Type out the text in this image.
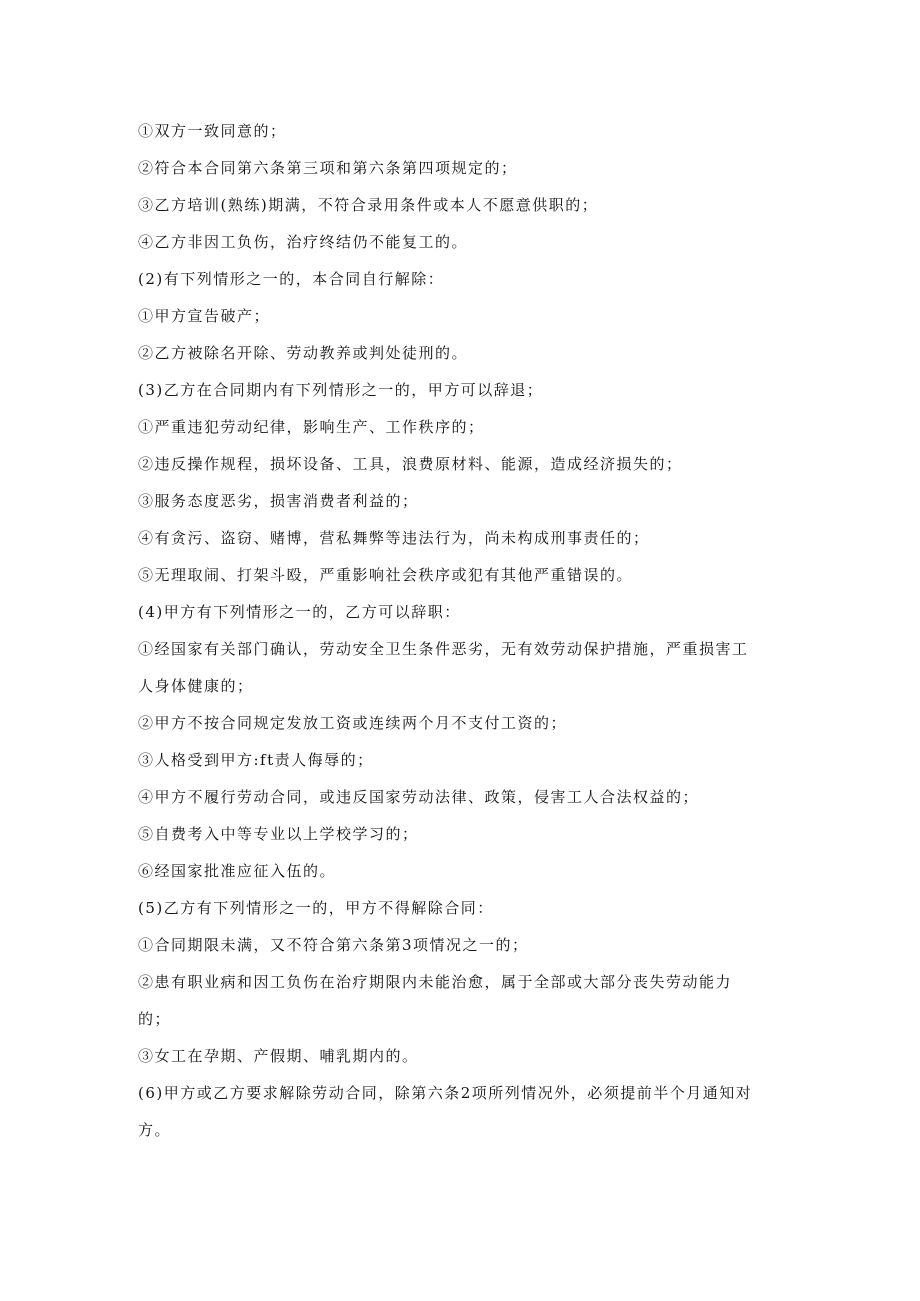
①双方一致同意的；
②符合本合同第六条第三项和第六条第四项规定的；
③乙方培训(熟练)期满，不符合录用条件或本人不愿意供职的；
④乙方非因工负伤，治疗终结仍不能复工的。
(2)有下列情形之一的，本合同自行解除：
①甲方宣告破产；
②乙方被除名开除、劳动教养或判处徒刑的。
(3)乙方在合同期内有下列情形之一的，甲方可以辞退；
①严重违犯劳动纪律，影响生产、工作秩序的；
②违反操作规程，损坏设备、工具，浪费原材料、能源，造成经济损失的；
③服务态度恶劣，损害消费者利益的；
④有贪污、盗窃、赌博，营私舞弊等违法行为，尚未构成刑事责任的；
⑤无理取闹、打架斗殴，严重影响社会秩序或犯有其他严重错误的。
(4)甲方有下列情形之一的，乙方可以辞职：
①经国家有关部门确认，劳动安全卫生条件恶劣，无有效劳动保护措施，严重损害工
人身体健康的；
②甲方不按合同规定发放工资或连续两个月不支付工资的；
③人格受到甲方:ft责人侮辱的；
④甲方不履行劳动合同，或违反国家劳动法律、政策，侵害工人合法权益的；
⑤自费考入中等专业以上学校学习的；
⑥经国家批准应征入伍的。
(5)乙方有下列情形之一的，甲方不得解除合同：
①合同期限未满，又不符合第六条第3项情况之一的；
②患有职业病和因工负伤在治疗期限内未能治愈，属于全部或大部分丧失劳动能力
的；
③女工在孕期、产假期、哺乳期内的。
(6)甲方或乙方要求解除劳动合同，除第六条2项所列情况外，必须提前半个月通知对
方。
